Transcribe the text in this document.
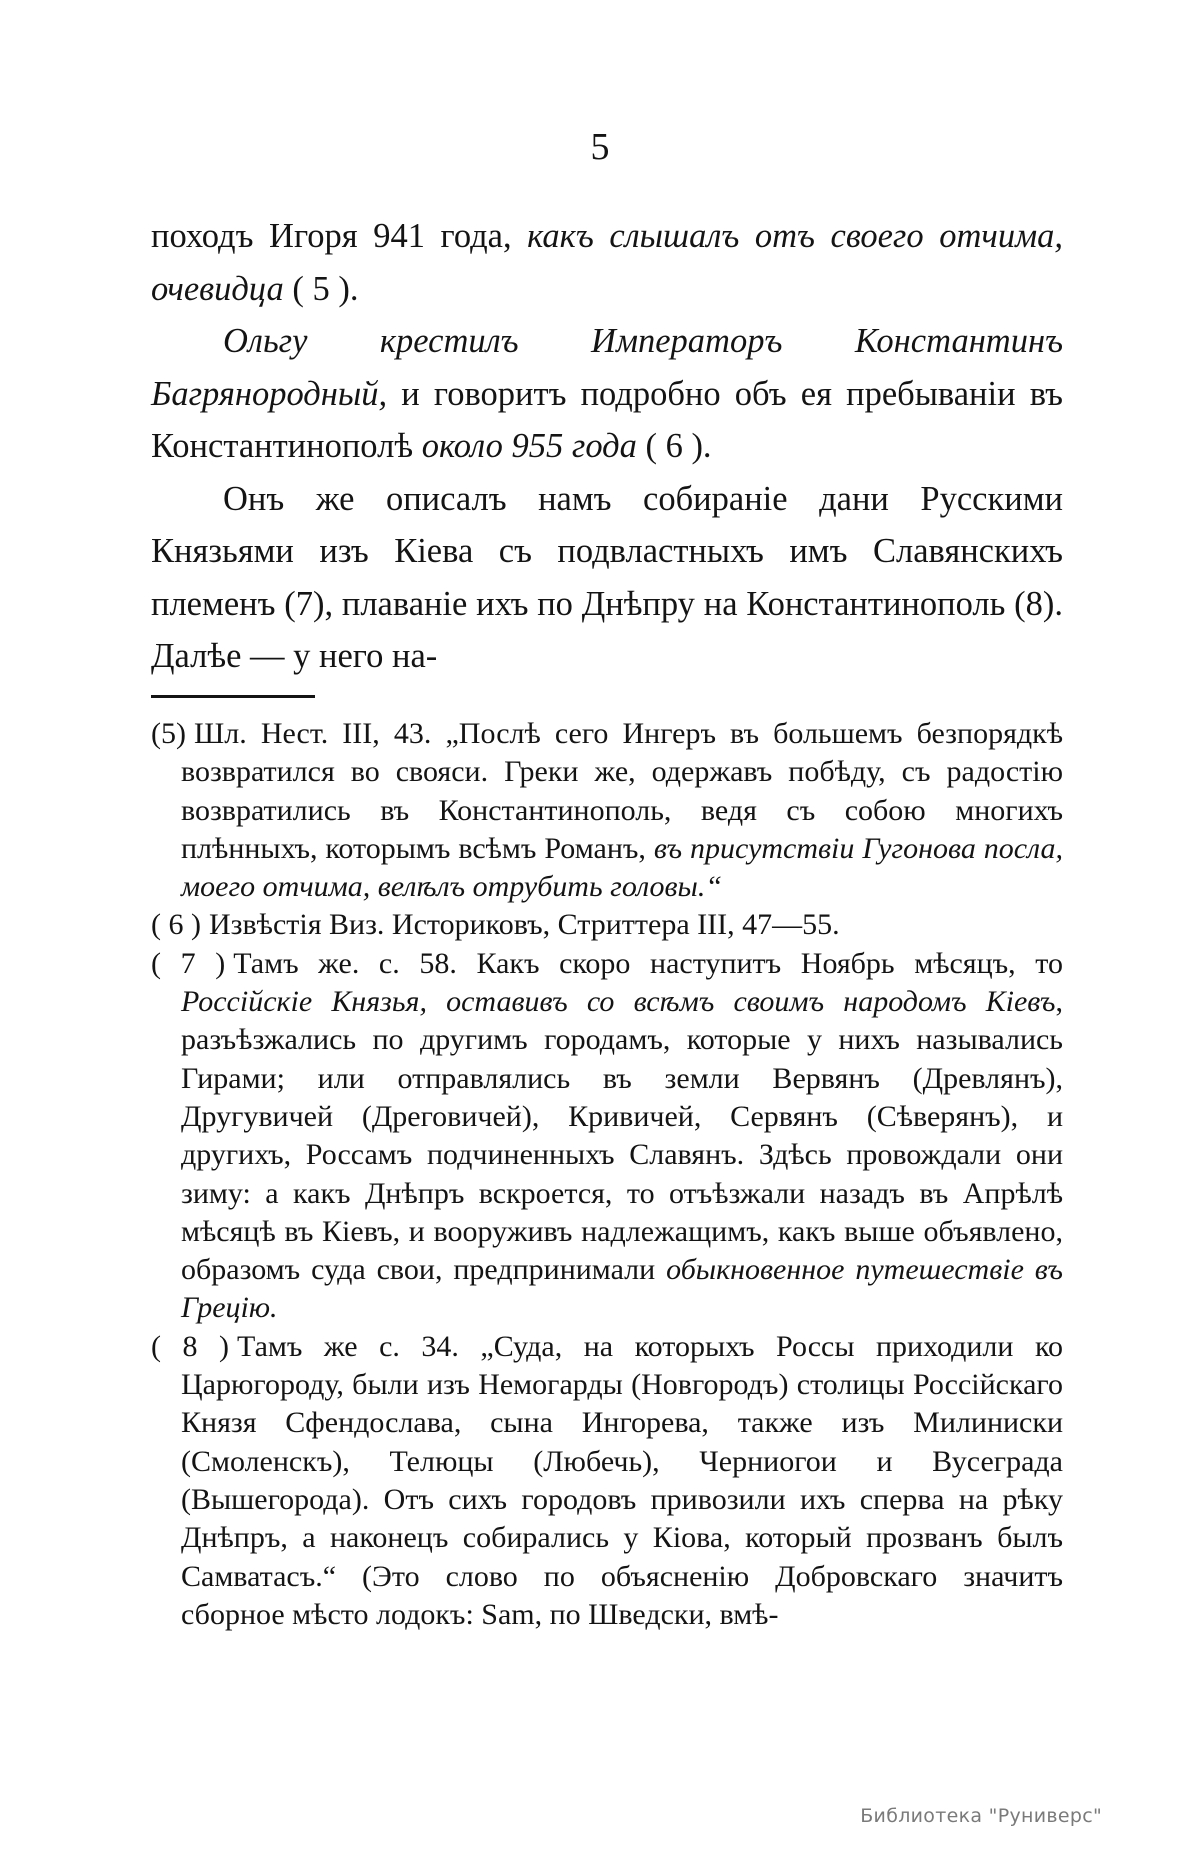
5

походъ Игоря 941 года, какъ слышалъ отъ своего отчима, очевидца ( 5 ).

Ольгу крестилъ Императоръ Константинъ Багрянородный, и говоритъ подробно объ ея пребываніи въ Константинополѣ около 955 года ( 6 ).

Онъ же описалъ намъ собираніе дани Русскими Князьями изъ Кіева съ подвластныхъ имъ Славянскихъ племенъ (7), плаваніе ихъ по Днѣпру на Константинополь (8). Далѣе — у него на-

(5) Шл. Нест. III, 43. „Послѣ сего Ингеръ въ большемъ безпорядкѣ возвратился во свояси. Греки же, одержавъ побѣду, съ радостію возвратились въ Константинополь, ведя съ собою многихъ плѣнныхъ, которымъ всѣмъ Романъ, въ присутствіи Гугонова посла, моего отчима, велѣлъ отрубить головы.“

( 6 ) Извѣстія Виз. Историковъ, Стриттера III, 47—55.

( 7 ) Тамъ же. с. 58. Какъ скоро наступитъ Ноябрь мѣсяцъ, то Россійскіе Князья, оставивъ со всѣмъ своимъ народомъ Кіевъ, разъѣзжались по другимъ городамъ, которые у нихъ назывались Гирами; или отправлялись въ земли Вервянъ (Древлянъ), Другувичей (Дреговичей), Кривичей, Сервянъ (Сѣверянъ), и другихъ, Россамъ подчиненныхъ Славянъ. Здѣсь провождали они зиму: а какъ Днѣпръ вскроется, то отъѣзжали назадъ въ Апрѣлѣ мѣсяцѣ въ Кіевъ, и вооруживъ надлежащимъ, какъ выше объявлено, образомъ суда свои, предпринимали обыкновенное путешествіе въ Грецію.

( 8 ) Тамъ же с. 34. „Суда, на которыхъ Россы приходили ко Царюгороду, были изъ Немогарды (Новгородъ) столицы Россійскаго Князя Сфендослава, сына Ингорева, также изъ Милиниски (Смоленскъ), Телюцы (Любечь), Черниогои и Вусеграда (Вышегорода). Отъ сихъ городовъ привозили ихъ сперва на рѣку Днѣпръ, а наконецъ собирались у Кіова, который прозванъ былъ Самватасъ.“ (Это слово по объясненію Добровскаго значитъ сборное мѣсто лодокъ: Sam, по Шведски, вмѣ-

Библиотека "Руниверс"
